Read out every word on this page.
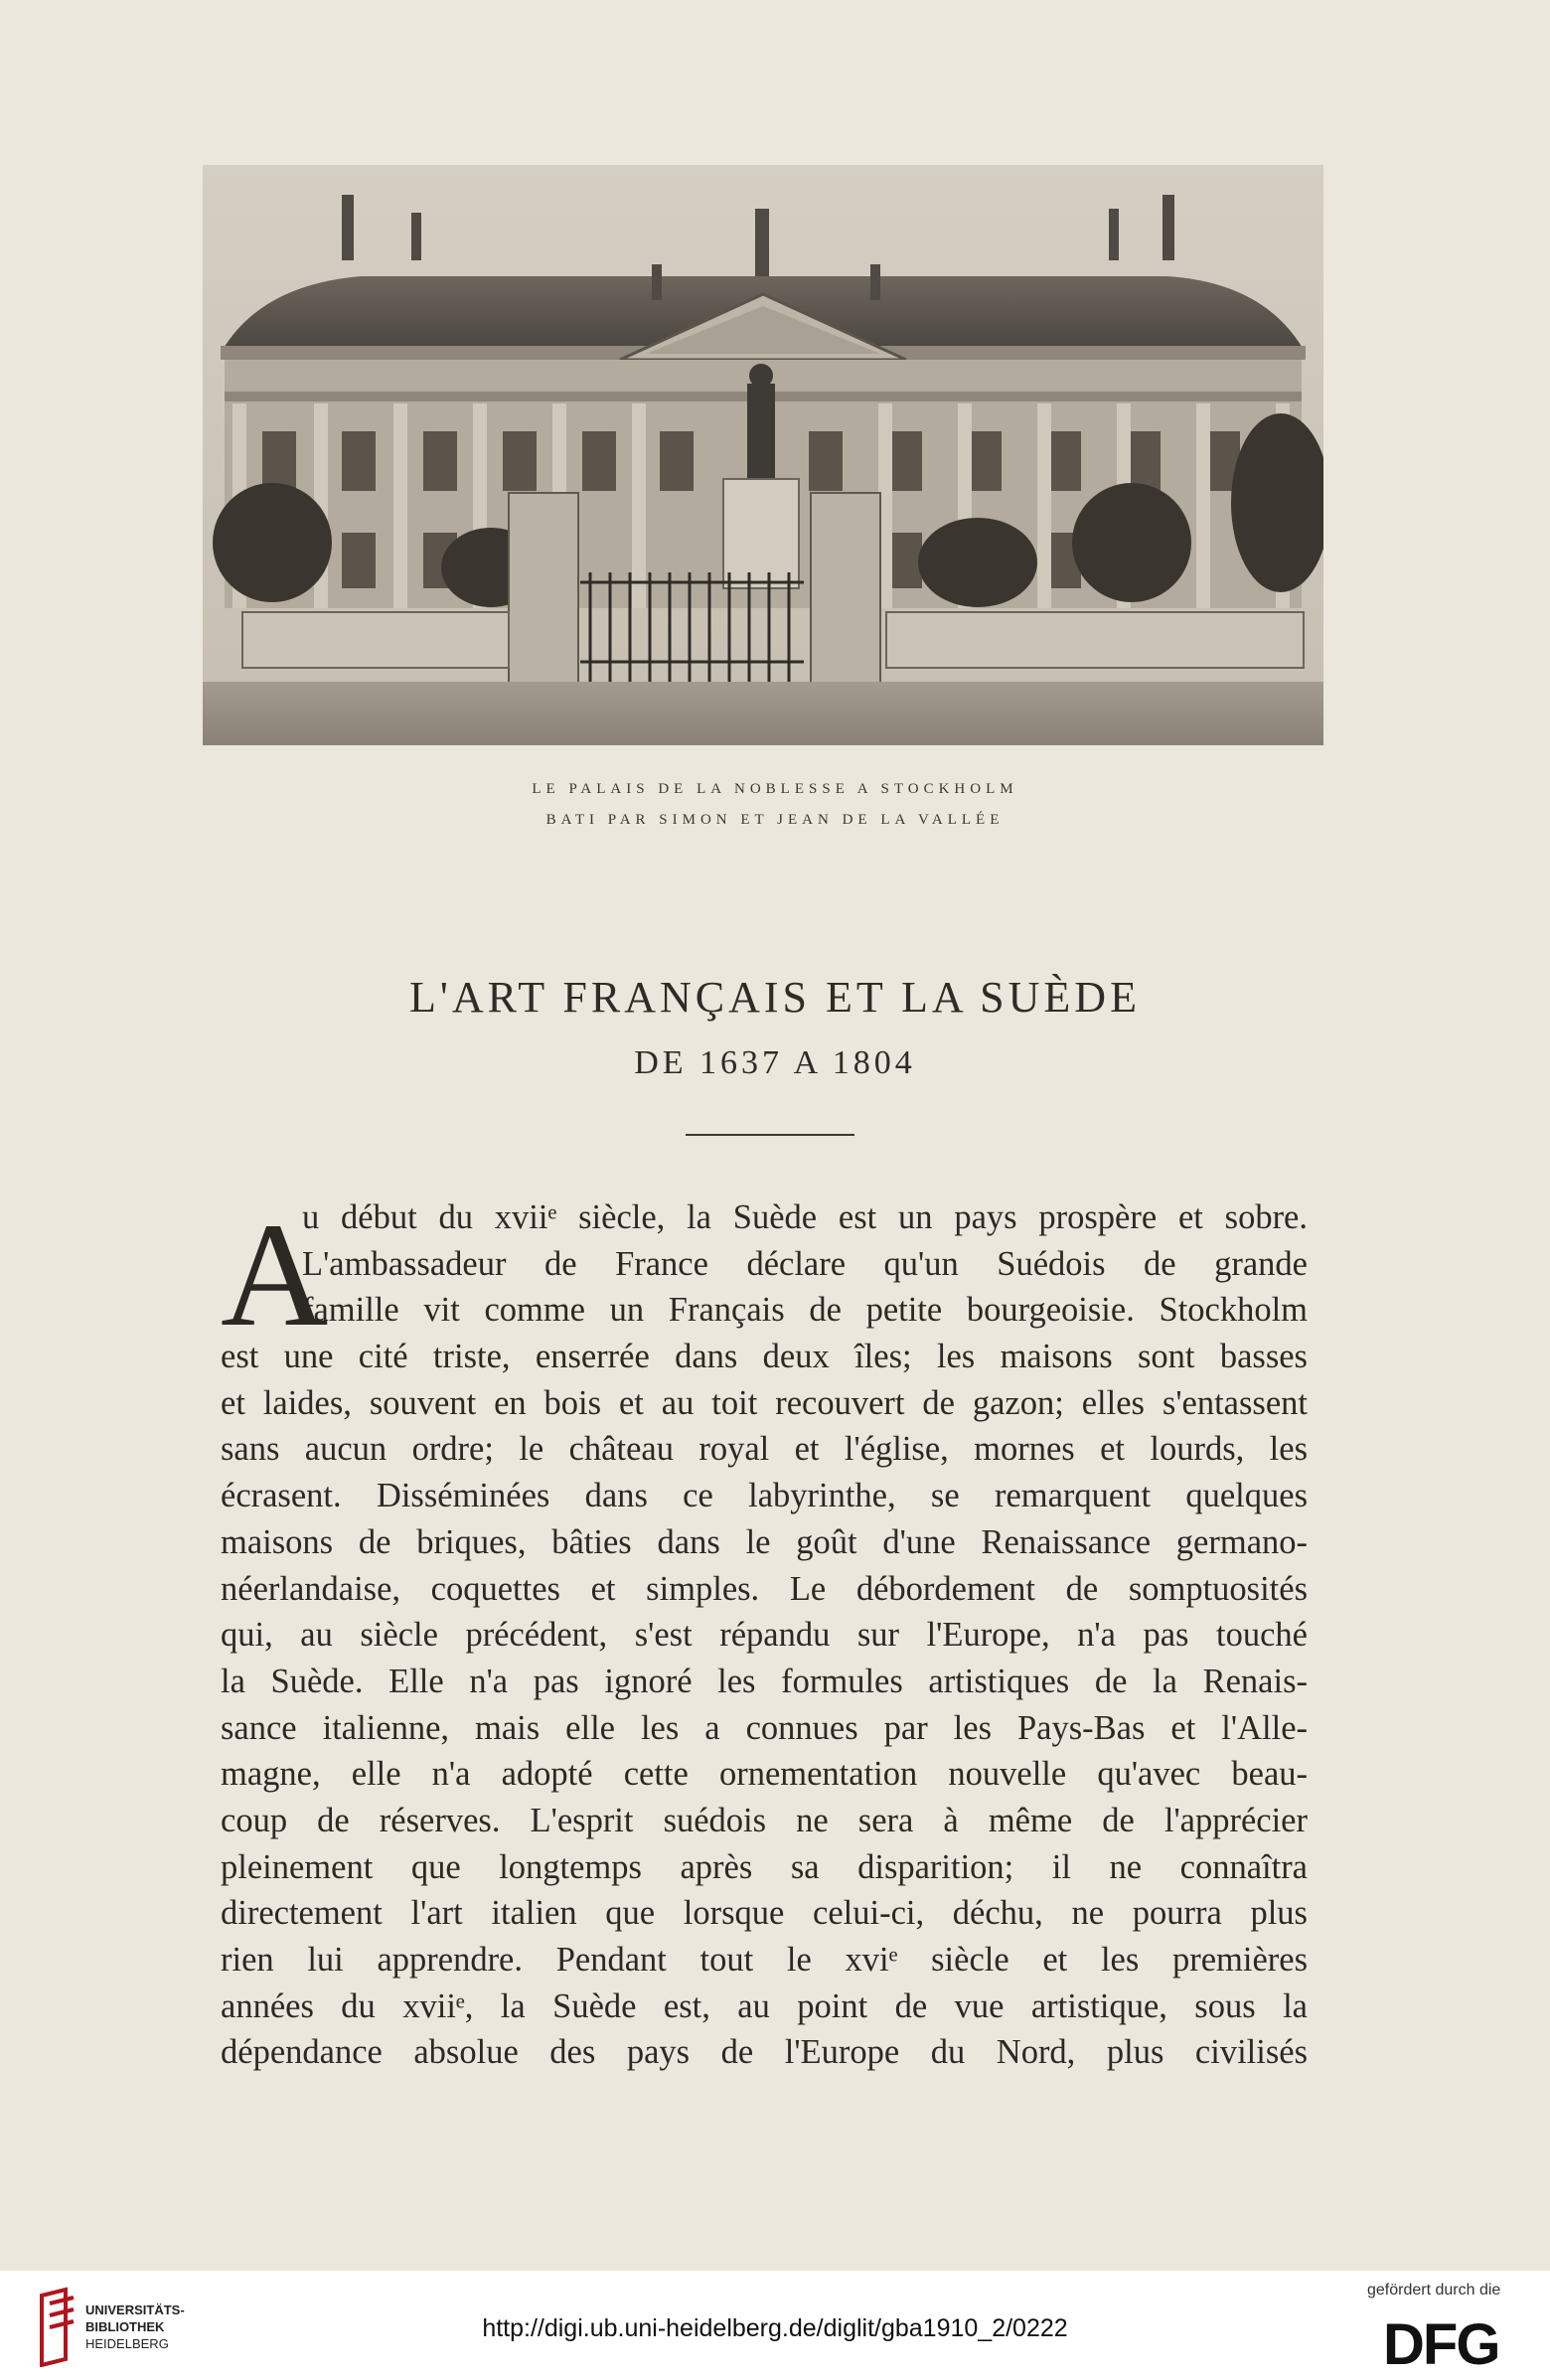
LE PALAIS DE LA NOBLESSE A STOCKHOLM
BATI PAR SIMON ET JEAN DE LA VALLÉE
L'ART FRANÇAIS ET LA SUÈDE
DE 1637 A 1804
A
u début du xviiᵉ siècle, la Suède est un pays prospère et sobre.
L'ambassadeur de France déclare qu'un Suédois de grande
famille vit comme un Français de petite bourgeoisie. Stockholm
est une cité triste, enserrée dans deux îles; les maisons sont basses
et laides, souvent en bois et au toit recouvert de gazon; elles s'entassent
sans aucun ordre; le château royal et l'église, mornes et lourds, les
écrasent. Disséminées dans ce labyrinthe, se remarquent quelques
maisons de briques, bâties dans le goût d'une Renaissance germano-
néerlandaise, coquettes et simples. Le débordement de somptuosités
qui, au siècle précédent, s'est répandu sur l'Europe, n'a pas touché
la Suède. Elle n'a pas ignoré les formules artistiques de la Renais-
sance italienne, mais elle les a connues par les Pays-Bas et l'Alle-
magne, elle n'a adopté cette ornementation nouvelle qu'avec beau-
coup de réserves. L'esprit suédois ne sera à même de l'apprécier
pleinement que longtemps après sa disparition; il ne connaîtra
directement l'art italien que lorsque celui-ci, déchu, ne pourra plus
rien lui apprendre. Pendant tout le xviᵉ siècle et les premières
années du xviiᵉ, la Suède est, au point de vue artistique, sous la
dépendance absolue des pays de l'Europe du Nord, plus civilisés
UNIVERSITÄTS-
BIBLIOTHEK
HEIDELBERG
http://digi.ub.uni-heidelberg.de/diglit/gba1910_2/0222
gefördert durch die
DFG
